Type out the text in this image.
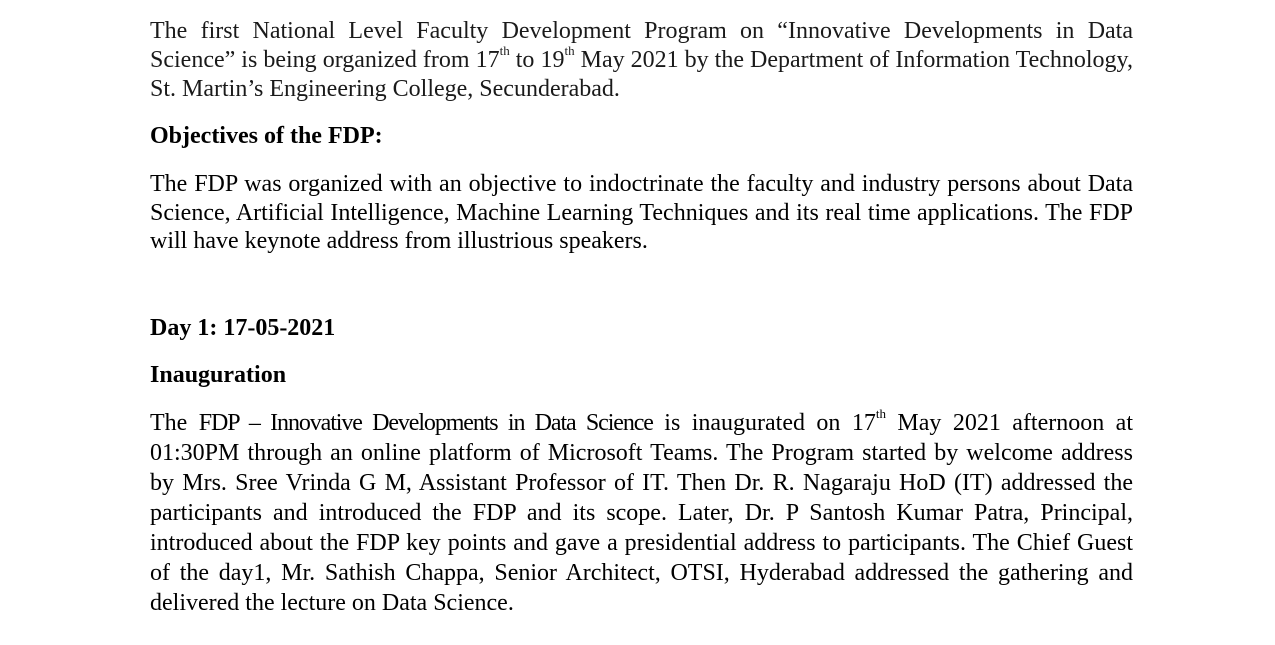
The first National Level Faculty Development Program on “Innovative Developments in Data Science” is being organized from 17th to 19th May 2021 by the Department of Information Technology, St. Martin’s Engineering College, Secunderabad.

Objectives of the FDP:

The FDP was organized with an objective to indoctrinate the faculty and industry persons about Data Science, Artificial Intelligence, Machine Learning Techniques and its real time applications. The FDP will have keynote address from illustrious speakers.

Day 1: 17-05-2021
Inauguration

The FDP – Innovative Developments in Data Science is inaugurated on 17th May 2021 afternoon at 01:30PM through an online platform of Microsoft Teams. The Program started by welcome address by Mrs. Sree Vrinda G M, Assistant Professor of IT. Then Dr. R. Nagaraju HoD (IT) addressed the participants and introduced the FDP and its scope. Later, Dr. P Santosh Kumar Patra, Principal, introduced about the FDP key points and gave a presidential address to participants. The Chief Guest of the day1, Mr. Sathish Chappa, Senior Architect, OTSI, Hyderabad addressed the gathering and delivered the lecture on Data Science.
